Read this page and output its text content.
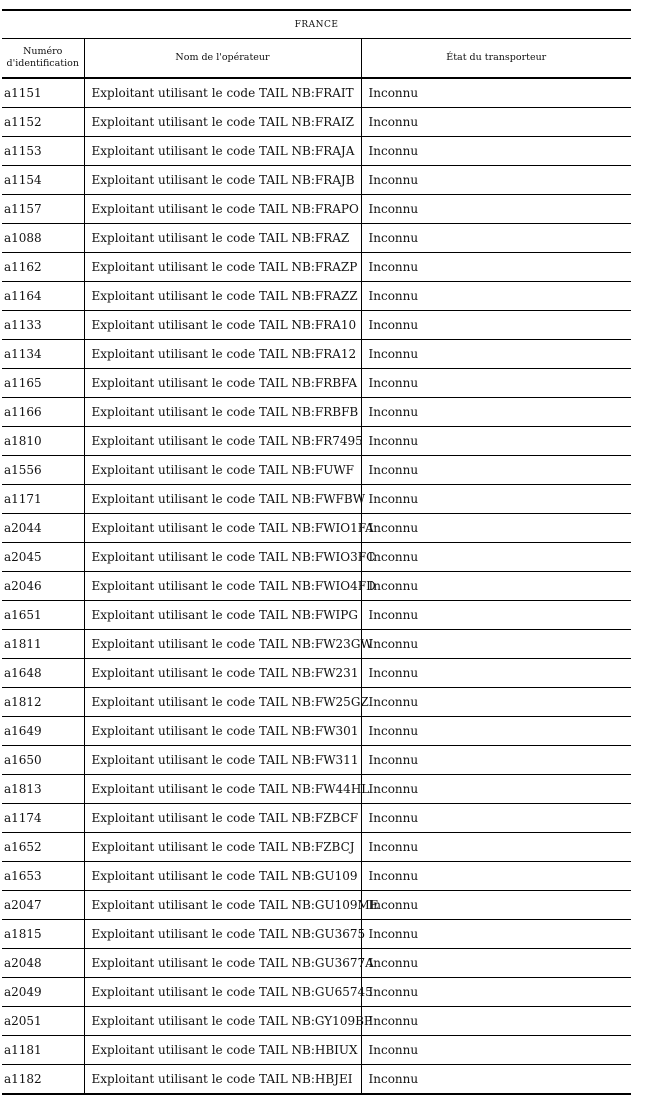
FRANCE		
Numéro d'identification	Nom de l'opérateur	État du transporteur
a1151	Exploitant utilisant le code TAIL NB:FRAIT	Inconnu
a1152	Exploitant utilisant le code TAIL NB:FRAIZ	Inconnu
a1153	Exploitant utilisant le code TAIL NB:FRAJA	Inconnu
a1154	Exploitant utilisant le code TAIL NB:FRAJB	Inconnu
a1157	Exploitant utilisant le code TAIL NB:FRAPO	Inconnu
a1088	Exploitant utilisant le code TAIL NB:FRAZ	Inconnu
a1162	Exploitant utilisant le code TAIL NB:FRAZP	Inconnu
a1164	Exploitant utilisant le code TAIL NB:FRAZZ	Inconnu
a1133	Exploitant utilisant le code TAIL NB:FRA10	Inconnu
a1134	Exploitant utilisant le code TAIL NB:FRA12	Inconnu
a1165	Exploitant utilisant le code TAIL NB:FRBFA	Inconnu
a1166	Exploitant utilisant le code TAIL NB:FRBFB	Inconnu
a1810	Exploitant utilisant le code TAIL NB:FR7495	Inconnu
a1556	Exploitant utilisant le code TAIL NB:FUWF	Inconnu
a1171	Exploitant utilisant le code TAIL NB:FWFBW	Inconnu
a2044	Exploitant utilisant le code TAIL NB:FWIO1FA	Inconnu
a2045	Exploitant utilisant le code TAIL NB:FWIO3FC	Inconnu
a2046	Exploitant utilisant le code TAIL NB:FWIO4FD	Inconnu
a1651	Exploitant utilisant le code TAIL NB:FWIPG	Inconnu
a1811	Exploitant utilisant le code TAIL NB:FW23GW	Inconnu
a1648	Exploitant utilisant le code TAIL NB:FW231	Inconnu
a1812	Exploitant utilisant le code TAIL NB:FW25GZ	Inconnu
a1649	Exploitant utilisant le code TAIL NB:FW301	Inconnu
a1650	Exploitant utilisant le code TAIL NB:FW311	Inconnu
a1813	Exploitant utilisant le code TAIL NB:FW44HL	Inconnu
a1174	Exploitant utilisant le code TAIL NB:FZBCF	Inconnu
a1652	Exploitant utilisant le code TAIL NB:FZBCJ	Inconnu
a1653	Exploitant utilisant le code TAIL NB:GU109	Inconnu
a2047	Exploitant utilisant le code TAIL NB:GU109ME	Inconnu
a1815	Exploitant utilisant le code TAIL NB:GU3675	Inconnu
a2048	Exploitant utilisant le code TAIL NB:GU3677A	Inconnu
a2049	Exploitant utilisant le code TAIL NB:GU65745	Inconnu
a2051	Exploitant utilisant le code TAIL NB:GY109BP	Inconnu
a1181	Exploitant utilisant le code TAIL NB:HBIUX	Inconnu
a1182	Exploitant utilisant le code TAIL NB:HBJEI	Inconnu
